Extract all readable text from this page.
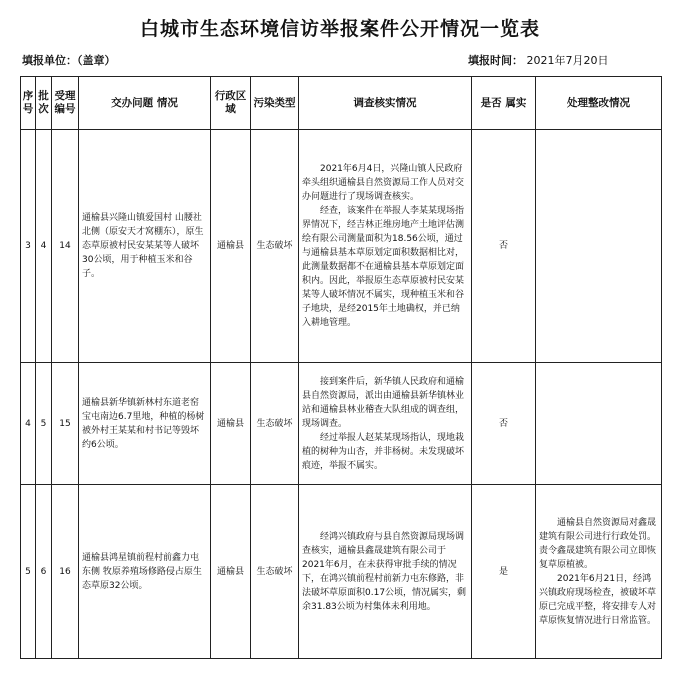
白城市生态环境信访举报案件公开情况一览表
填报单位：（盖章）	填报时间： 2021年7月20日
序号	批次	受理编号	交办问题 情况	行政区域	污染类型	调查核实情况	是否 属实	处理整改情况
3	4	14	通榆县兴隆山镇爱国村 山腰社北侧（原安天才窝棚东），原生态草原被村民安某某等人破坏30公顷，用于种植玉米和谷子。	通榆县	生态破坏	2021年6月4日，兴隆山镇人民政府牵头组织通榆县自然资源局工作人员对交办问题进行了现场调查核实。

经查，该案件在举报人李某某现场指界情况下，经吉林正维房地产土地评估测绘有限公司测量面积为18.56公顷，通过与通榆县基本草原划定面积数据相比对，此测量数据都不在通榆县基本草原划定面积内。因此，举报原生态草原被村民安某某等人破坏情况不属实，现种植玉米和谷子地块，是经2015年土地确权，并已纳入耕地管理。	否	
4	5	15	通榆县新华镇新林村东道老窑宝屯南边6.7里地，种植的杨树被外村王某某和村书记等毁坏约6公顷。	通榆县	生态破坏	接到案件后，新华镇人民政府和通榆县自然资源局，派出由通榆县新华镇林业站和通榆县林业稽查大队组成的调查组，现场调查。

经过举报人赵某某现场指认，现地栽植的树种为山杏，并非杨树。未发现破坏痕迹，举报不属实。	否	
5	6	16	通榆县鸿星镇前程村前鑫力屯东侧 牧原养殖场修路侵占原生态草原32公顷。	通榆县	生态破坏	经鸿兴镇政府与县自然资源局现场调查核实，通榆县鑫晟建筑有限公司于2021年6月，在未获得审批手续的情况下，在鸿兴镇前程村前新力屯东修路，非法破坏草原面积0.17公顷，情况属实，剩余31.83公顷为村集体未利用地。	是	通榆县自然资源局对鑫晟建筑有限公司进行行政处罚。责令鑫晟建筑有限公司立即恢复草原植被。

2021年6月21日，经鸿兴镇政府现场检查，被破坏草原已完成平整，将安排专人对草原恢复情况进行日常监管。
